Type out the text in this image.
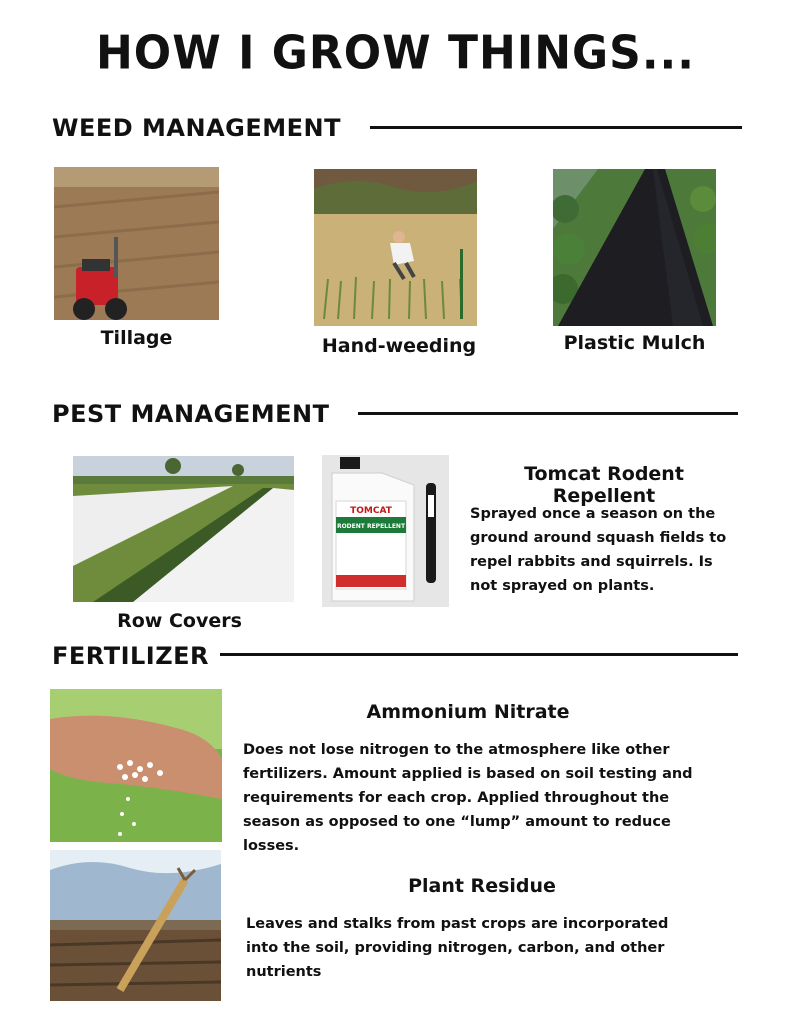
HOW I GROW THINGS...
WEED MANAGEMENT
Tillage	Hand-weeding	Plastic Mulch
PEST MANAGEMENT
Row Covers
TOMCAT
RODENT REPELLENT
Tomcat Rodent Repellent
Sprayed once a season on the ground around squash fields to repel rabbits and squirrels. Is not sprayed on plants.
FERTILIZER
Ammonium Nitrate
Does not lose nitrogen to the atmosphere like other fertilizers. Amount applied is based on soil testing and requirements for each crop. Applied throughout the season as opposed to one “lump” amount to reduce losses.
Plant Residue
Leaves and stalks from past crops are incorporated into the soil, providing nitrogen, carbon, and other nutrients
